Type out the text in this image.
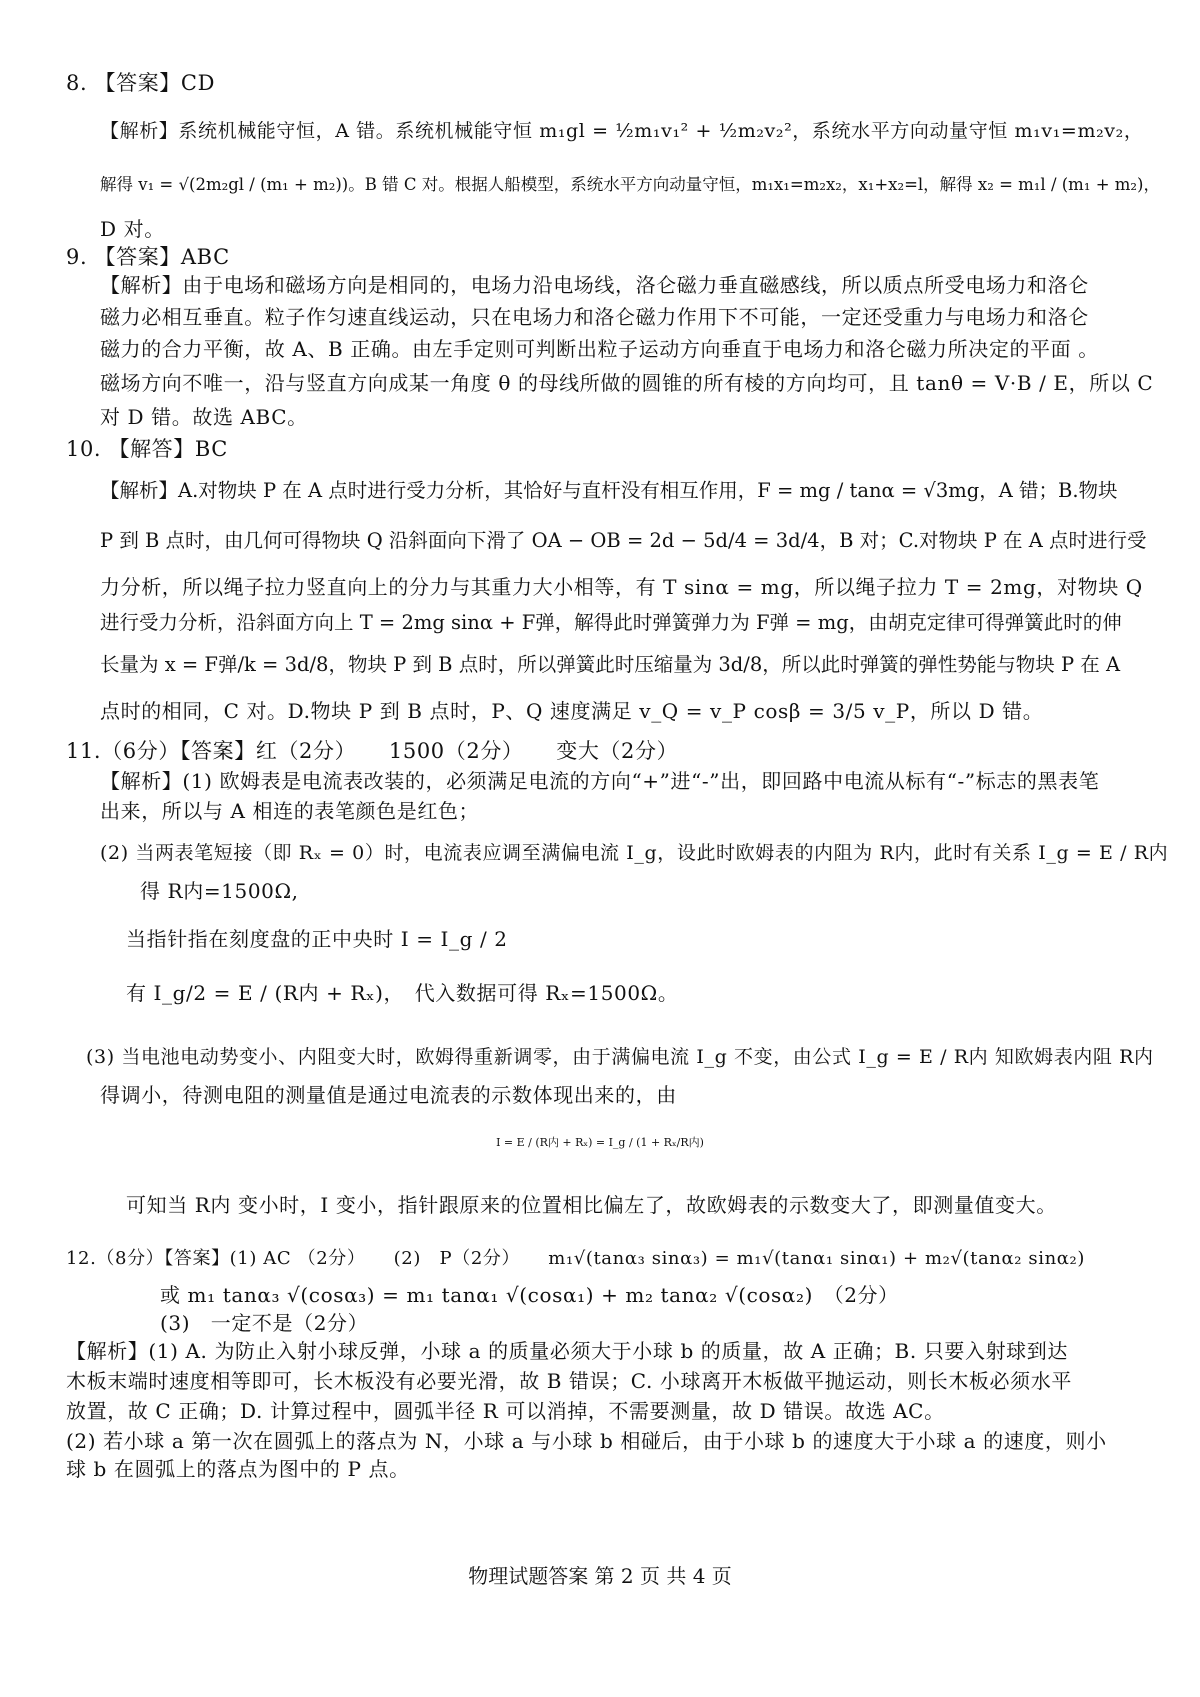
8. 【答案】CD
【解析】系统机械能守恒，A 错。系统机械能守恒 m₁gl = ½m₁v₁² + ½m₂v₂²，系统水平方向动量守恒 m₁v₁=m₂v₂，
解得 v₁ = √(2m₂gl / (m₁ + m₂))。B 错 C 对。根据人船模型，系统水平方向动量守恒，m₁x₁=m₂x₂，x₁+x₂=l，解得 x₂ = m₁l / (m₁ + m₂)，
D 对。
9. 【答案】ABC
【解析】由于电场和磁场方向是相同的，电场力沿电场线，洛仑磁力垂直磁感线，所以质点所受电场力和洛仑
磁力必相互垂直。粒子作匀速直线运动，只在电场力和洛仑磁力作用下不可能，一定还受重力与电场力和洛仑
磁力的合力平衡，故 A、B 正确。由左手定则可判断出粒子运动方向垂直于电场力和洛仑磁力所决定的平面 。
磁场方向不唯一，沿与竖直方向成某一角度 θ 的母线所做的圆锥的所有棱的方向均可，且 tanθ = V·B / E，所以 C
对 D 错。故选 ABC。
10. 【解答】BC
【解析】A.对物块 P 在 A 点时进行受力分析，其恰好与直杆没有相互作用，F = mg / tanα = √3mg，A 错；B.物块
P 到 B 点时，由几何可得物块 Q 沿斜面向下滑了 OA − OB = 2d − 5d/4 = 3d/4，B 对；C.对物块 P 在 A 点时进行受
力分析，所以绳子拉力竖直向上的分力与其重力大小相等，有 T sinα = mg，所以绳子拉力 T = 2mg，对物块 Q
进行受力分析，沿斜面方向上 T = 2mg sinα + F弹，解得此时弹簧弹力为 F弹 = mg，由胡克定律可得弹簧此时的伸
长量为 x = F弹/k = 3d/8，物块 P 到 B 点时，所以弹簧此时压缩量为 3d/8，所以此时弹簧的弹性势能与物块 P 在 A
点时的相同，C 对。D.物块 P 到 B 点时，P、Q 速度满足 v_Q = v_P cosβ = 3/5 v_P，所以 D 错。
11.（6分）【答案】红（2分）　　1500（2分）　　变大（2分）
【解析】(1) 欧姆表是电流表改装的，必须满足电流的方向“+”进“-”出，即回路中电流从标有“-”标志的黑表笔
出来，所以与 A 相连的表笔颜色是红色；
(2) 当两表笔短接（即 Rₓ = 0）时，电流表应调至满偏电流 I_g，设此时欧姆表的内阻为 R内，此时有关系 I_g = E / R内
得 R内=1500Ω,
当指针指在刻度盘的正中央时 I = I_g / 2
有 I_g/2 = E / (R内 + Rₓ)，　代入数据可得 Rₓ=1500Ω。
(3) 当电池电动势变小、内阻变大时，欧姆得重新调零，由于满偏电流 I_g 不变，由公式 I_g = E / R内 知欧姆表内阻 R内
得调小，待测电阻的测量值是通过电流表的示数体现出来的，由
I = E / (R内 + Rₓ) = I_g / (1 + Rₓ/R内)
可知当 R内 变小时，I 变小，指针跟原来的位置相比偏左了，故欧姆表的示数变大了，即测量值变大。
12.（8分）【答案】(1) AC （2分）　　(2)　P（2分）　　m₁√(tanα₃ sinα₃) = m₁√(tanα₁ sinα₁) + m₂√(tanα₂ sinα₂)
或 m₁ tanα₃ √(cosα₃) = m₁ tanα₁ √(cosα₁) + m₂ tanα₂ √(cosα₂)　（2分）
(3)　一定不是（2分）
【解析】(1) A. 为防止入射小球反弹，小球 a 的质量必须大于小球 b 的质量，故 A 正确；B. 只要入射球到达
木板末端时速度相等即可，长木板没有必要光滑，故 B 错误；C. 小球离开木板做平抛运动，则长木板必须水平
放置，故 C 正确；D. 计算过程中，圆弧半径 R 可以消掉，不需要测量，故 D 错误。故选 AC。
(2) 若小球 a 第一次在圆弧上的落点为 N，小球 a 与小球 b 相碰后，由于小球 b 的速度大于小球 a 的速度，则小
球 b 在圆弧上的落点为图中的 P 点。
物理试题答案 第 2 页 共 4 页
